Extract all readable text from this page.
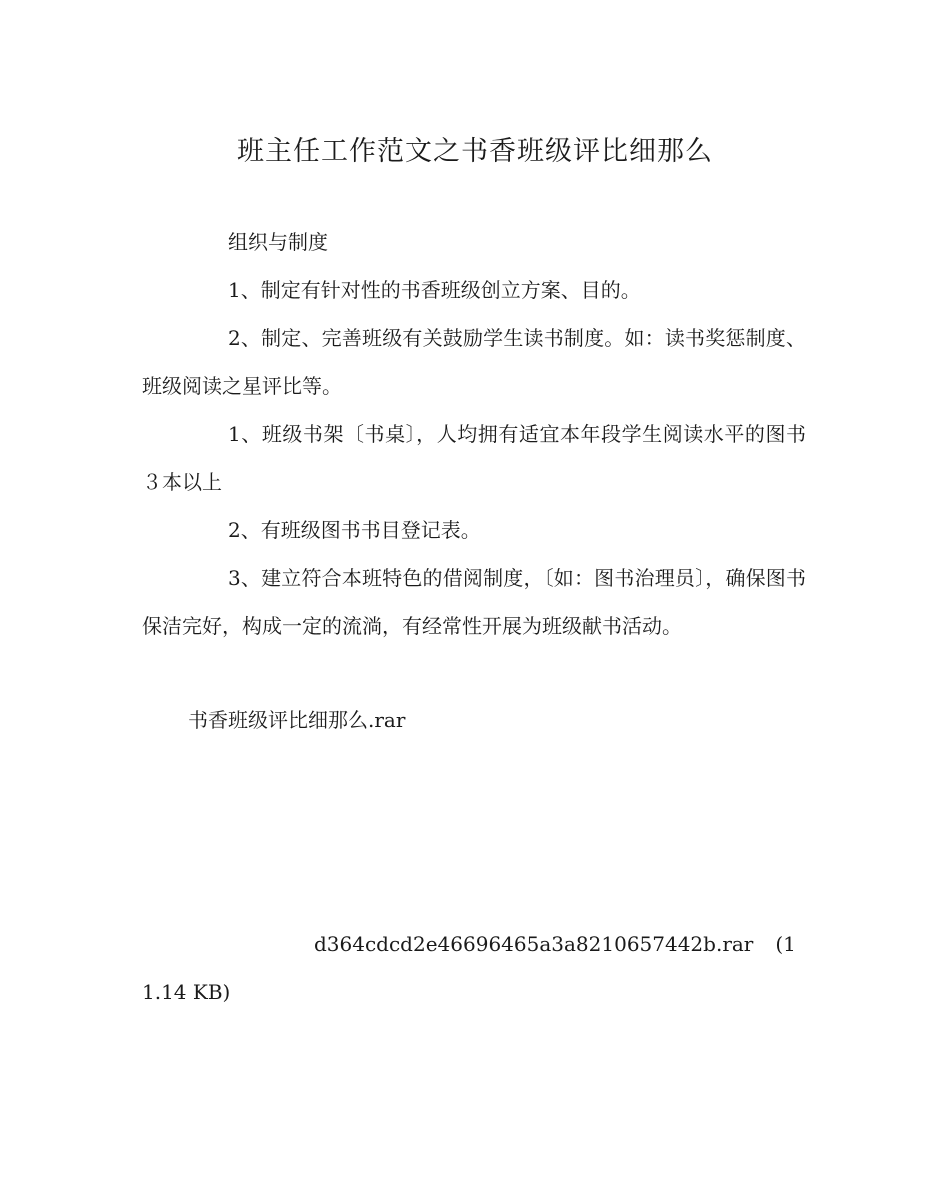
班主任工作范文之书香班级评比细那么

组织与制度

1、制定有针对性的书香班级创立方案、目的。

2、制定、完善班级有关鼓励学生读书制度。如：读书奖惩制度、班级阅读之星评比等。

1、班级书架〔书桌〕，人均拥有适宜本年段学生阅读水平的图书３本以上

2、有班级图书书目登记表。

3、建立符合本班特色的借阅制度，〔如：图书治理员〕，确保图书保洁完好，构成一定的流淌，有经常性开展为班级献书活动。

书香班级评比细那么.rar

d364cdcd2e46696465a3a8210657442b.rar (11.14 KB)
